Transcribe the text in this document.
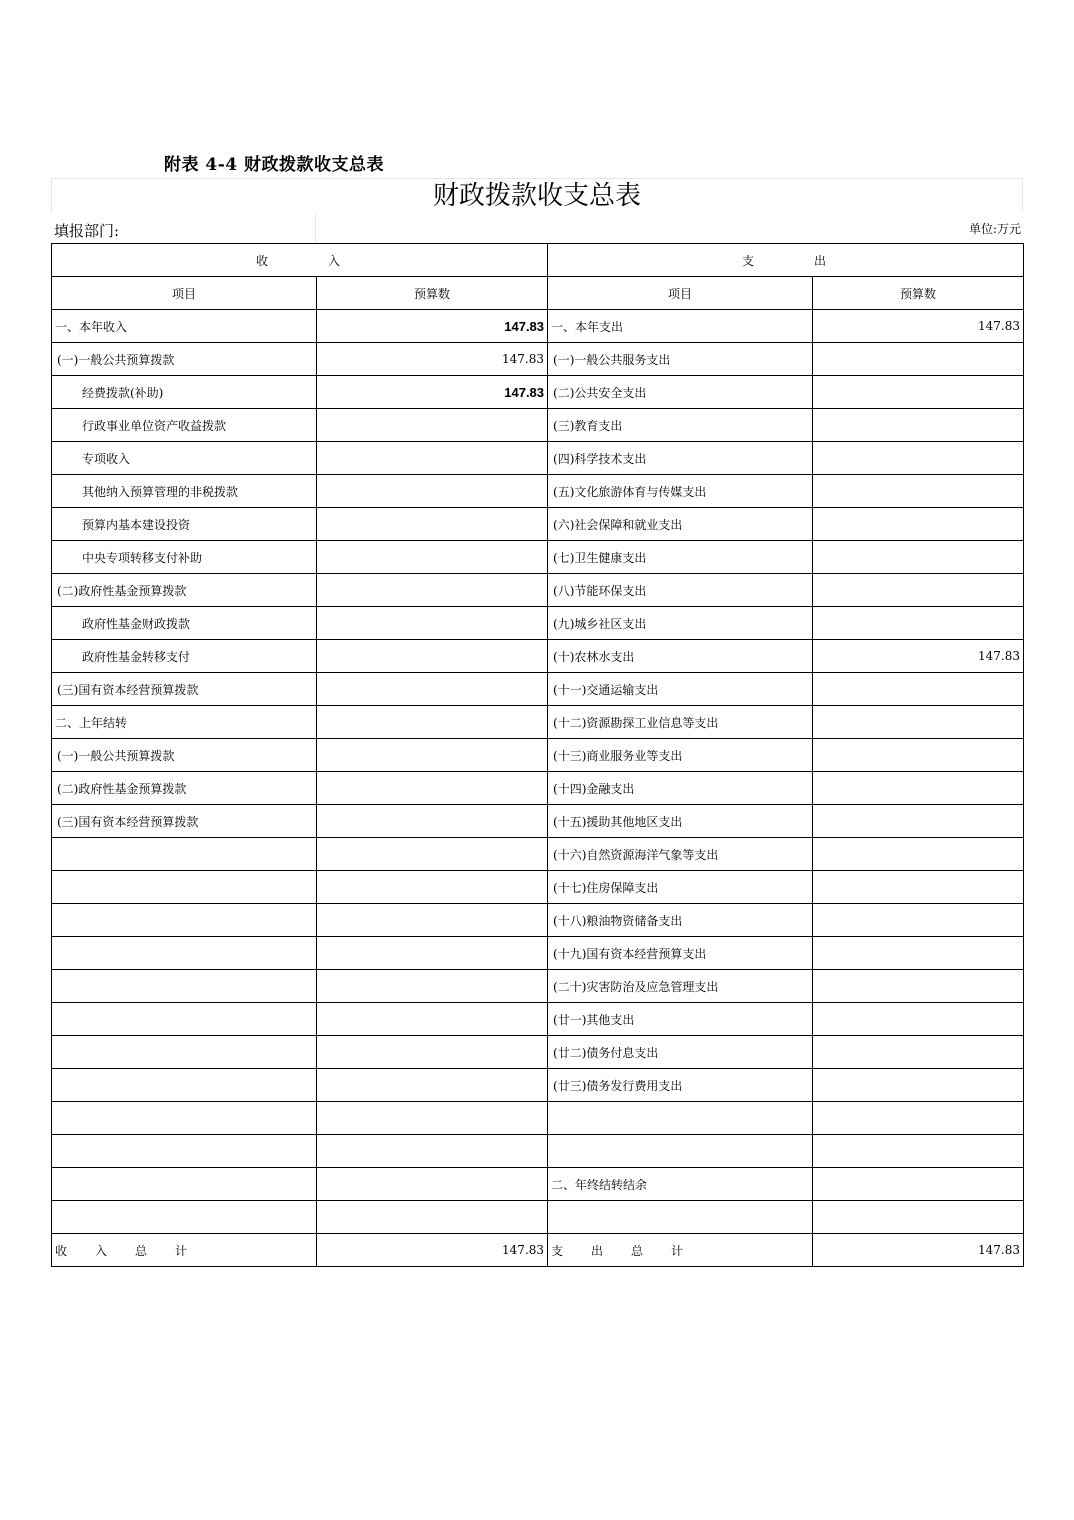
附表 4-4 财政拨款收支总表
财政拨款收支总表
填报部门:	单位:万元
收入		支出	
项目	预算数	项目	预算数
一、本年收入	147.83	一、本年支出	147.83
(一)一般公共预算拨款	147.83	(一)一般公共服务支出	
经费拨款(补助)	147.83	(二)公共安全支出	
行政事业单位资产收益拨款		(三)教育支出	
专项收入		(四)科学技术支出	
其他纳入预算管理的非税拨款		(五)文化旅游体育与传媒支出	
预算内基本建设投资		(六)社会保障和就业支出	
中央专项转移支付补助		(七)卫生健康支出	
(二)政府性基金预算拨款		(八)节能环保支出	
政府性基金财政拨款		(九)城乡社区支出	
政府性基金转移支付		(十)农林水支出	147.83
(三)国有资本经营预算拨款		(十一)交通运输支出	
二、上年结转		(十二)资源勘探工业信息等支出	
(一)一般公共预算拨款		(十三)商业服务业等支出	
(二)政府性基金预算拨款		(十四)金融支出	
(三)国有资本经营预算拨款		(十五)援助其他地区支出	
		(十六)自然资源海洋气象等支出	
		(十七)住房保障支出	
		(十八)粮油物资储备支出	
		(十九)国有资本经营预算支出	
		(二十)灾害防治及应急管理支出	
		(廿一)其他支出	
		(廿二)债务付息支出	
		(廿三)债务发行费用支出	

		二、年终结转结余	

收入总计	147.83	支出总计	147.83
